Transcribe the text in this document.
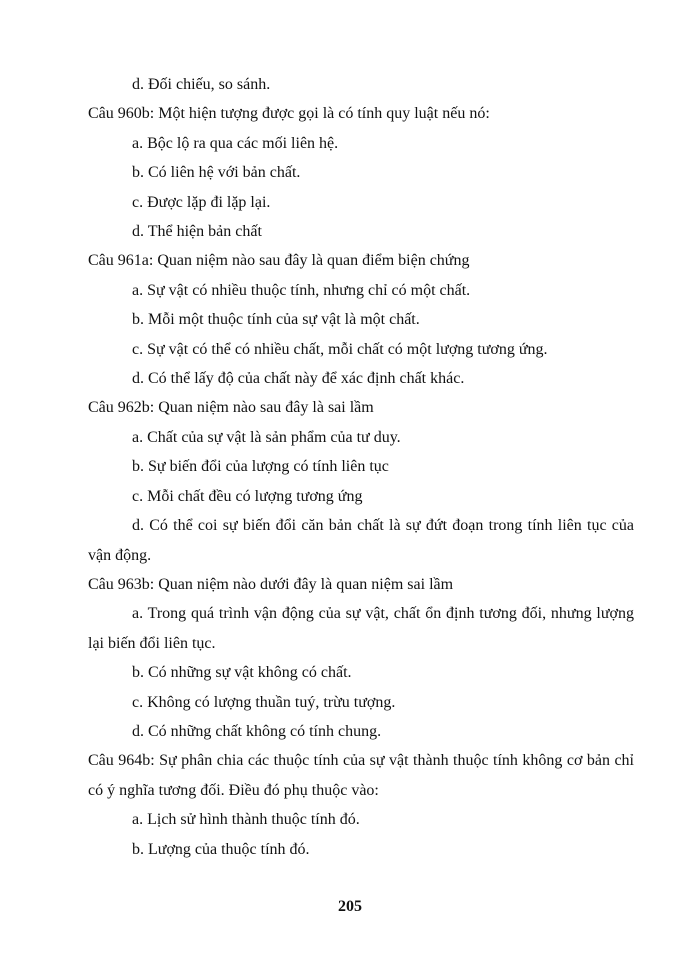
d. Đối chiếu, so sánh.
Câu 960b: Một hiện tượng được gọi là có tính quy luật nếu nó:
a. Bộc lộ ra qua các mối liên hệ.
b. Có liên hệ với bản chất.
c. Được lặp đi lặp lại.
d. Thể hiện bản chất
Câu 961a: Quan niệm nào sau đây là quan điểm biện chứng
a. Sự vật có nhiều thuộc tính, nhưng chỉ có một chất.
b. Mỗi một thuộc tính của sự vật là một chất.
c. Sự vật có thể có nhiều chất, mỗi chất có một lượng tương ứng.
d. Có thể lấy độ của chất này để xác định chất khác.
Câu 962b: Quan niệm nào sau đây là sai lầm
a. Chất của sự vật là sản phẩm của tư duy.
b. Sự biến đổi của lượng có tính liên tục
c. Mỗi chất đều có lượng tương ứng
d. Có thể coi sự biến đổi căn bản chất là sự đứt đoạn trong tính liên tục của
vận động.
Câu 963b: Quan niệm nào dưới đây là quan niệm sai lầm
a. Trong quá trình vận động của sự vật, chất ổn định tương đối, nhưng lượng
lại biến đổi liên tục.
b. Có những sự vật không có chất.
c. Không có lượng thuần tuý, trừu tượng.
d. Có những chất không có tính chung.
Câu 964b: Sự phân chia các thuộc tính của sự vật thành thuộc tính không cơ bản chỉ
có ý nghĩa tương đối. Điều đó phụ thuộc vào:
a. Lịch sử hình thành thuộc tính đó.
b. Lượng của thuộc tính đó.
205
